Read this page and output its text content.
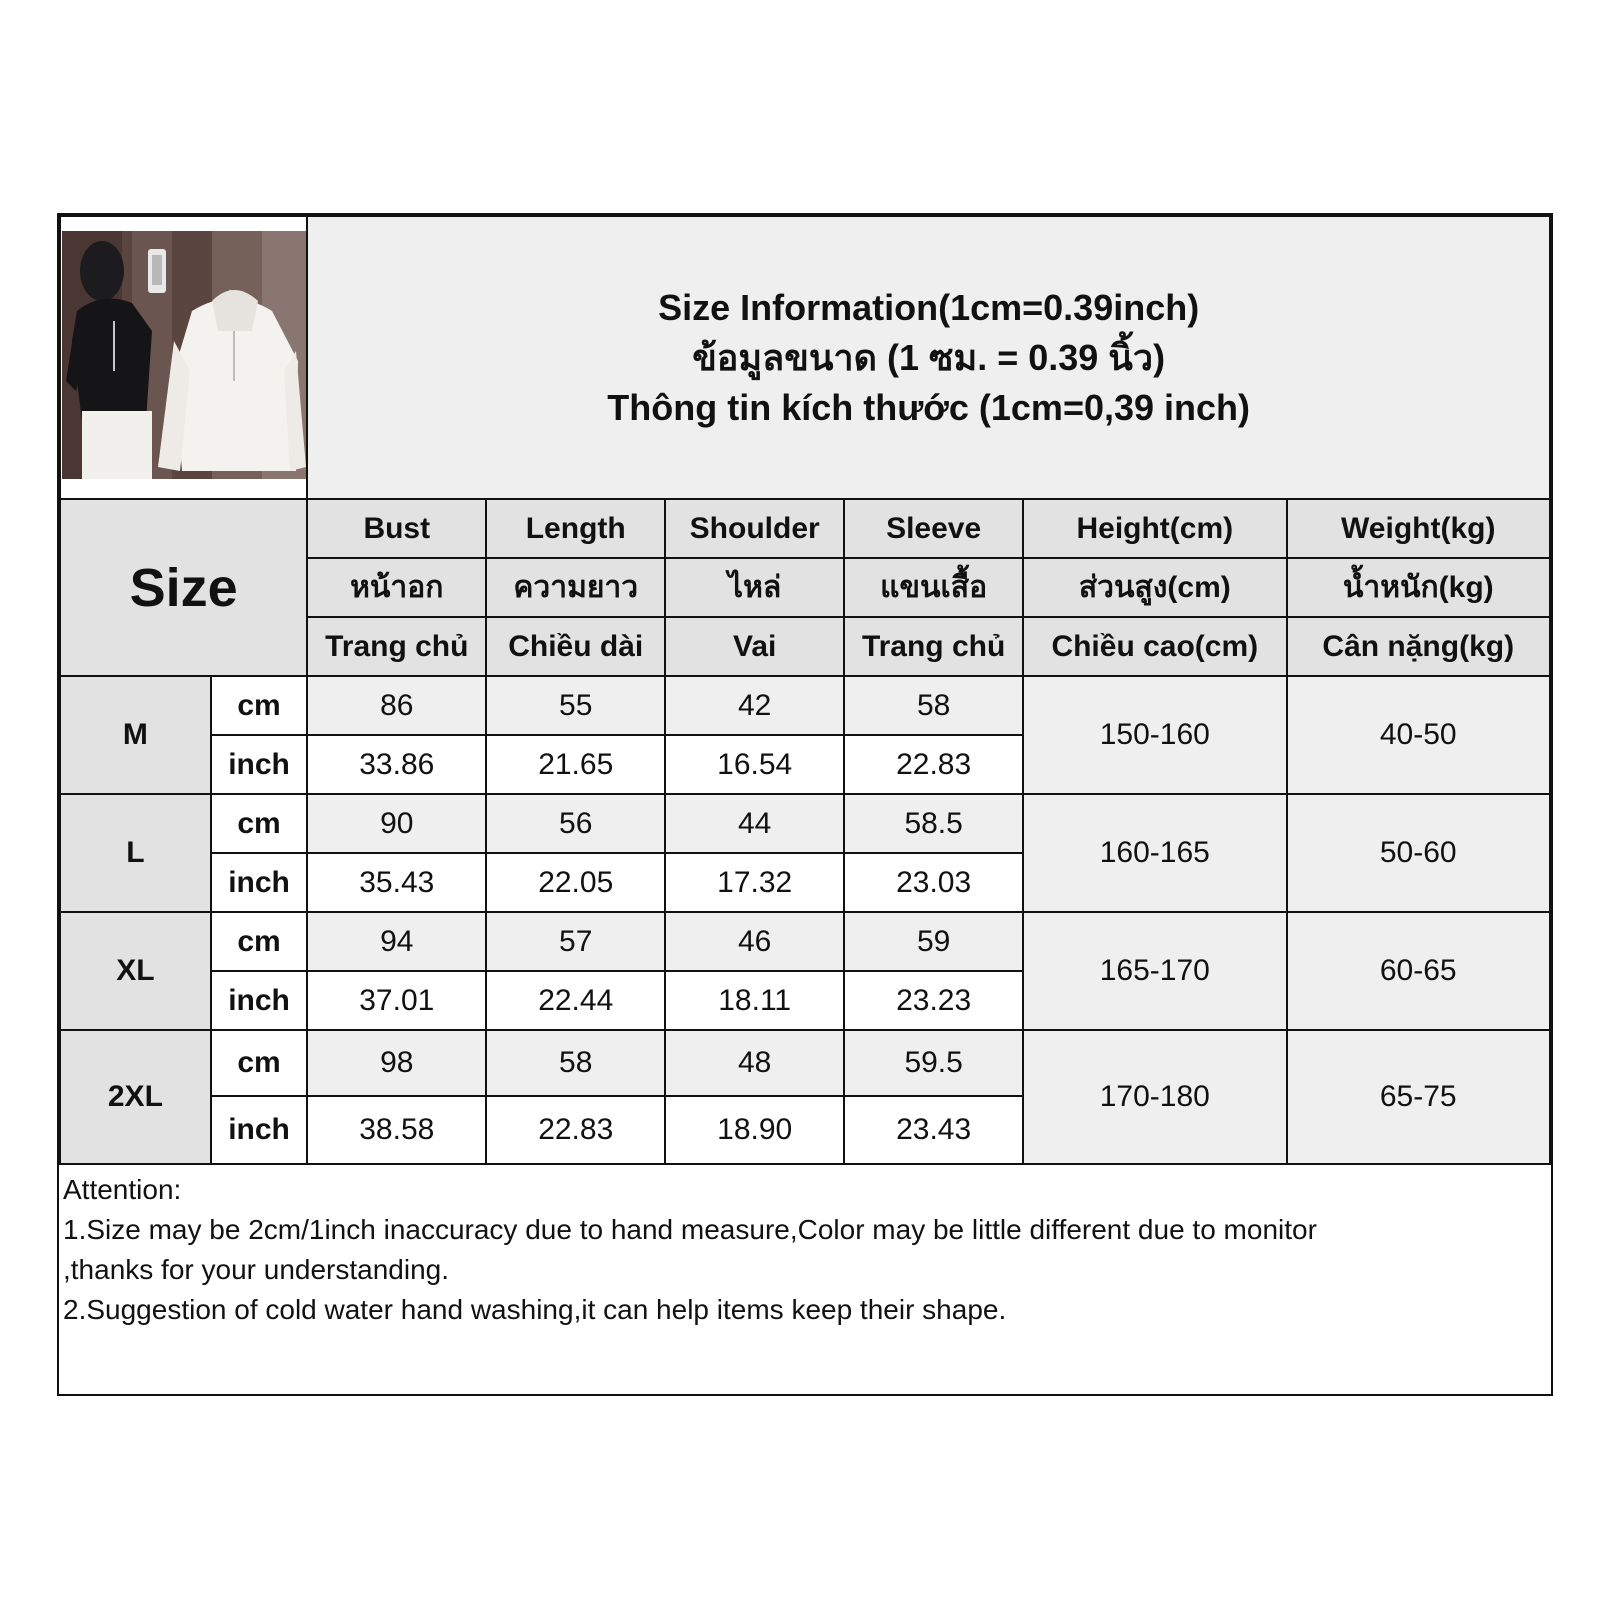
Size Information(1cm=0.39inch)
ข้อมูลขนาด (1 ซม. = 0.39 นิ้ว)
Thông tin kích thước (1cm=0,39 inch)					

Size		Bust	Length	Shoulder	Sleeve	Height(cm)	Weight(kg)
		หน้าอก	ความยาว	ไหล่	แขนเสื้อ	ส่วนสูง(cm)	น้ำหนัก(kg)
		Trang chủ	Chiều dài	Vai	Trang chủ	Chiều cao(cm)	Cân nặng(kg)
M	cm	86	55	42	58	150-160	40-50
	inch	33.86	21.65	16.54	22.83		
L	cm	90	56	44	58.5	160-165	50-60
	inch	35.43	22.05	17.32	23.03		
XL	cm	94	57	46	59	165-170	60-65
	inch	37.01	22.44	18.11	23.23		
2XL	cm	98	58	48	59.5	170-180	65-75
	inch	38.58	22.83	18.90	23.43		
Attention:
1.Size may be 2cm/1inch inaccuracy due to hand measure,Color may be little different due to monitor
,thanks for your understanding.
2.Suggestion of cold water hand washing,it can help items keep their shape.
